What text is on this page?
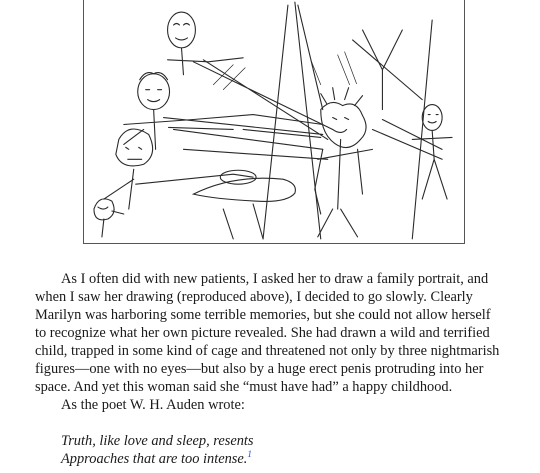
As I often did with new patients, I asked her to draw a family portrait, and
when I saw her drawing (reproduced above), I decided to go slowly. Clearly
Marilyn was harboring some terrible memories, but she could not allow herself
to recognize what her own picture revealed. She had drawn a wild and terrified
child, trapped in some kind of cage and threatened not only by three nightmarish
figures—one with no eyes—but also by a huge erect penis protruding into her
space. And yet this woman said she “must have had” a happy childhood.

As the poet W. H. Auden wrote:

Truth, like love and sleep, resents
Approaches that are too intense.$^1$
